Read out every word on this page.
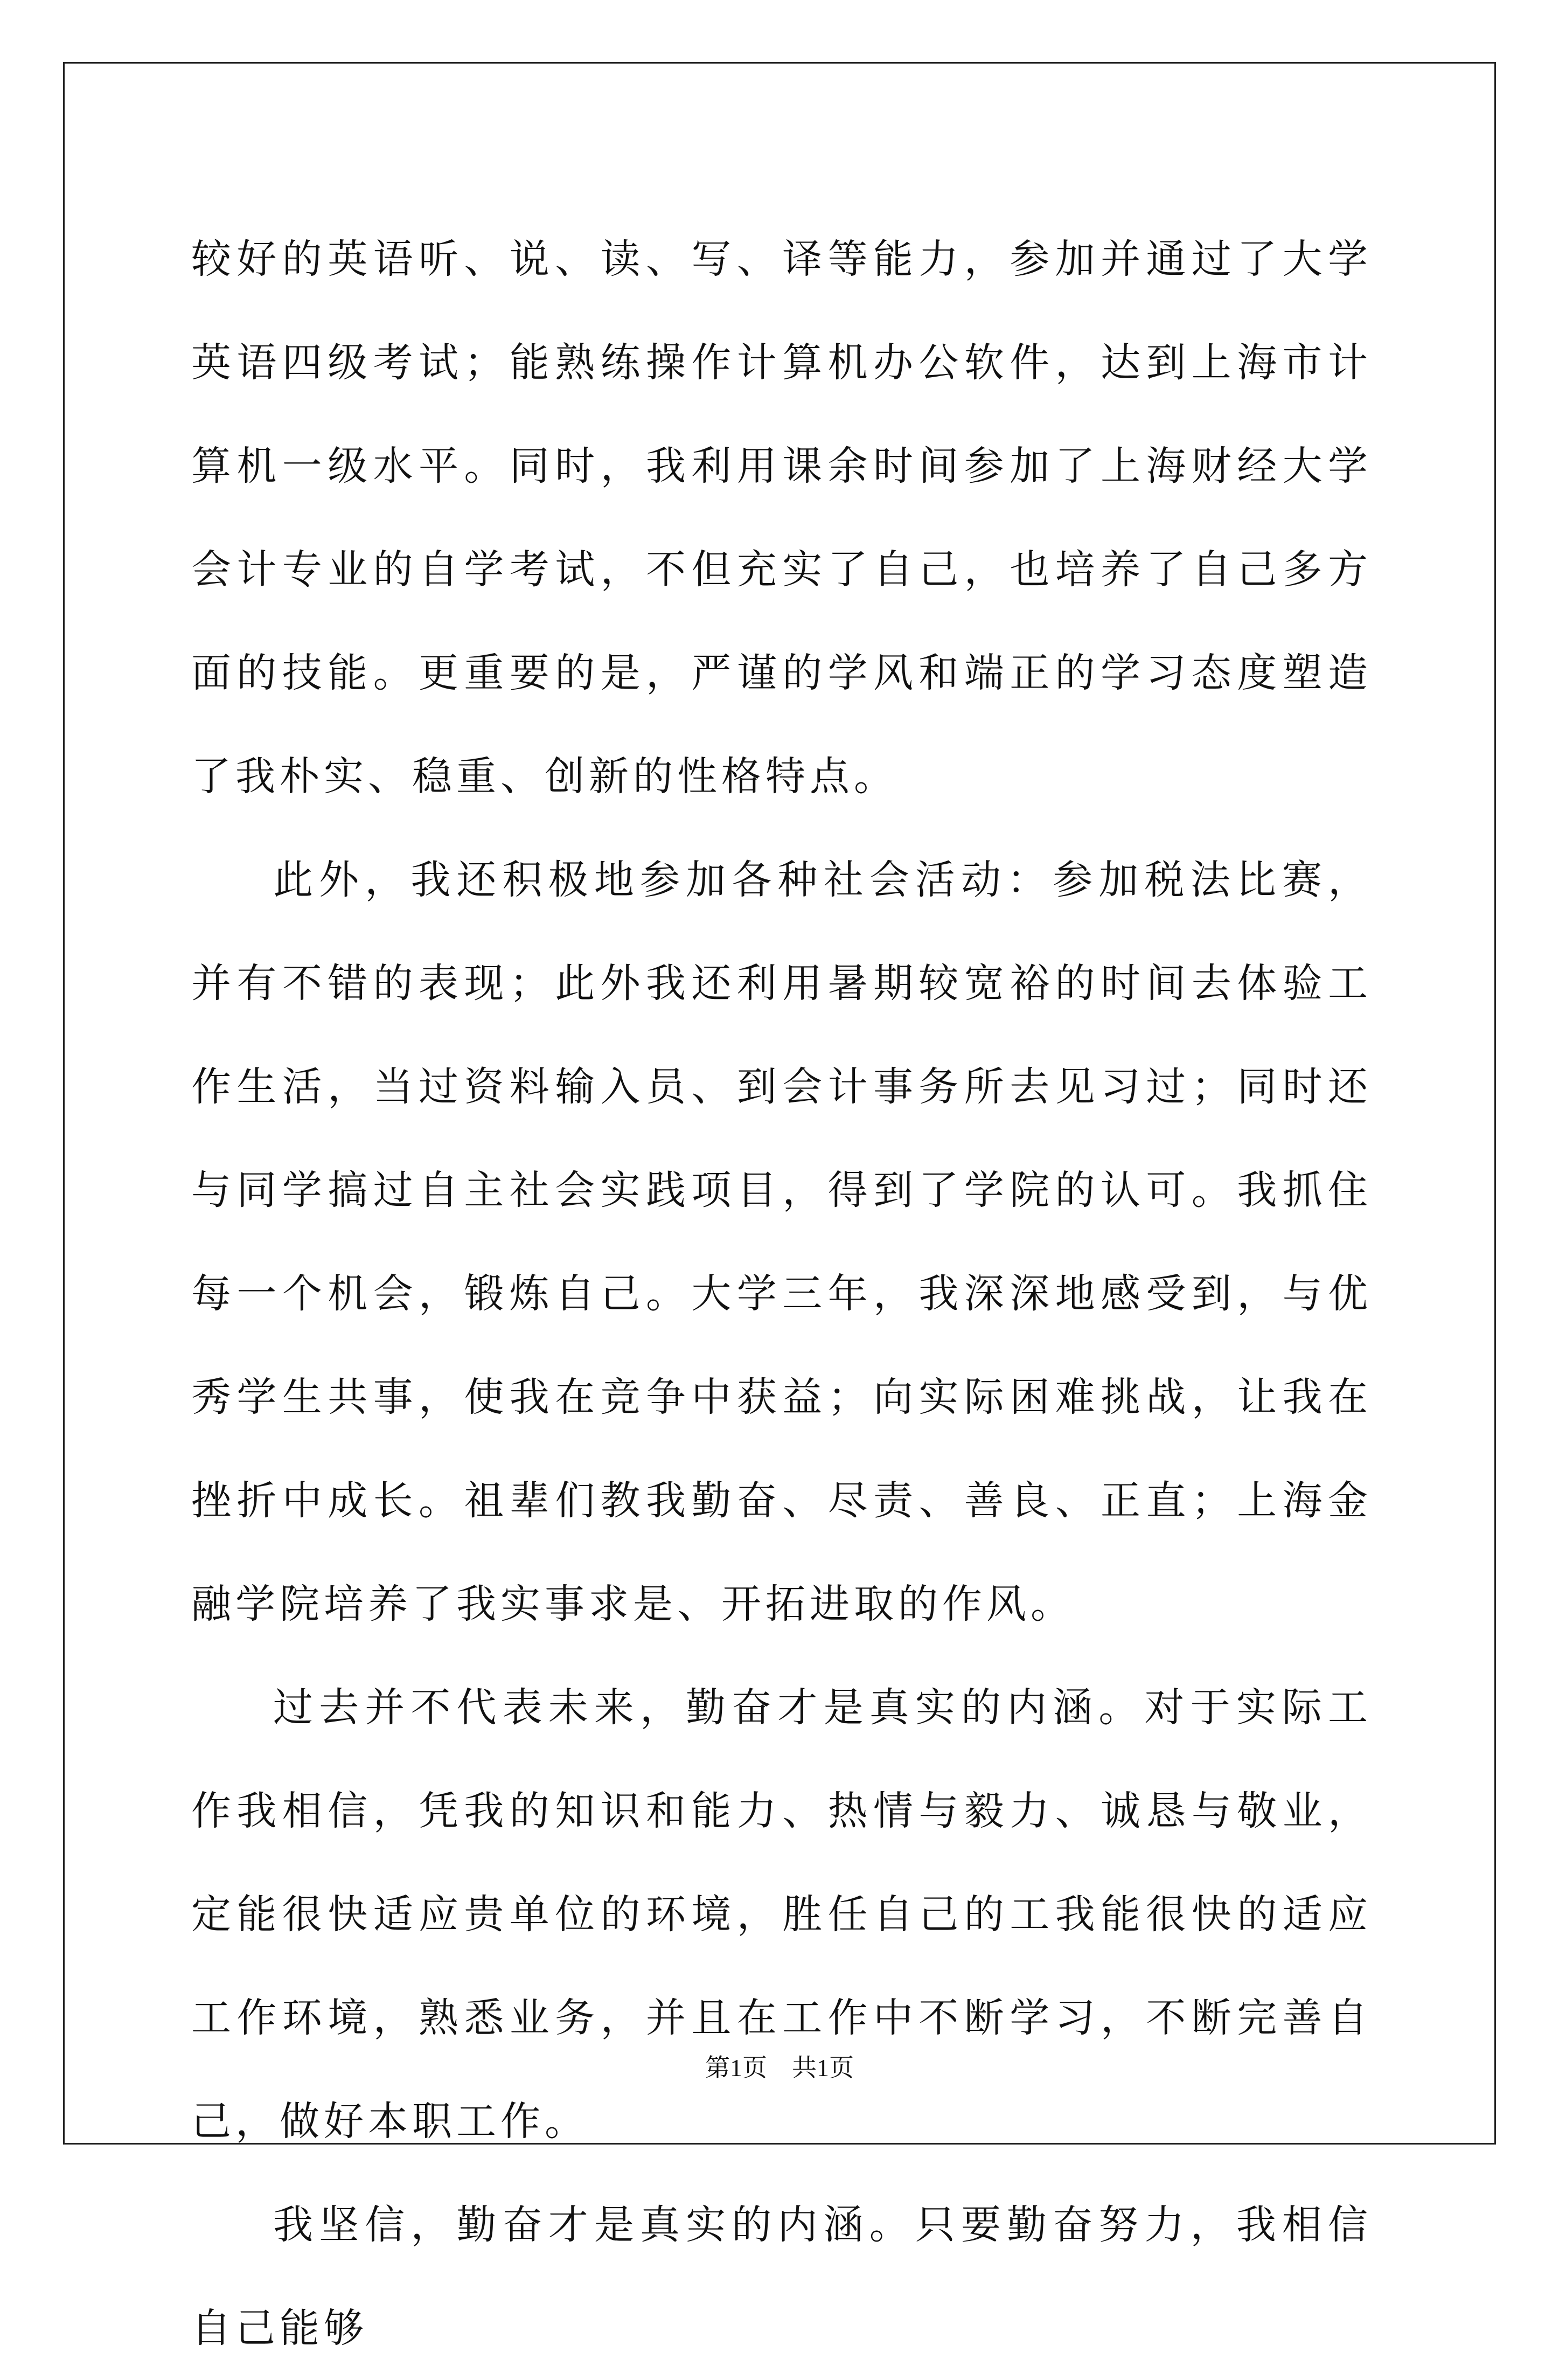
较好的英语听、说、读、写、译等能力，参加并通过了大学英语四级考试；能熟练操作计算机办公软件，达到上海市计算机一级水平。同时，我利用课余时间参加了上海财经大学会计专业的自学考试，不但充实了自己，也培养了自己多方面的技能。更重要的是，严谨的学风和端正的学习态度塑造了我朴实、稳重、创新的性格特点。

此外，我还积极地参加各种社会活动：参加税法比赛，并有不错的表现；此外我还利用暑期较宽裕的时间去体验工作生活，当过资料输入员、到会计事务所去见习过；同时还与同学搞过自主社会实践项目，得到了学院的认可。我抓住每一个机会，锻炼自己。大学三年，我深深地感受到，与优秀学生共事，使我在竞争中获益；向实际困难挑战，让我在挫折中成长。祖辈们教我勤奋、尽责、善良、正直；上海金融学院培养了我实事求是、开拓进取的作风。

过去并不代表未来，勤奋才是真实的内涵。对于实际工作我相信，凭我的知识和能力、热情与毅力、诚恳与敬业，定能很快适应贵单位的环境，胜任自己的工我能很快的适应工作环境，熟悉业务，并且在工作中不断学习，不断完善自己，做好本职工作。

我坚信，勤奋才是真实的内涵。只要勤奋努力，我相信自己能够

第1页　共1页
